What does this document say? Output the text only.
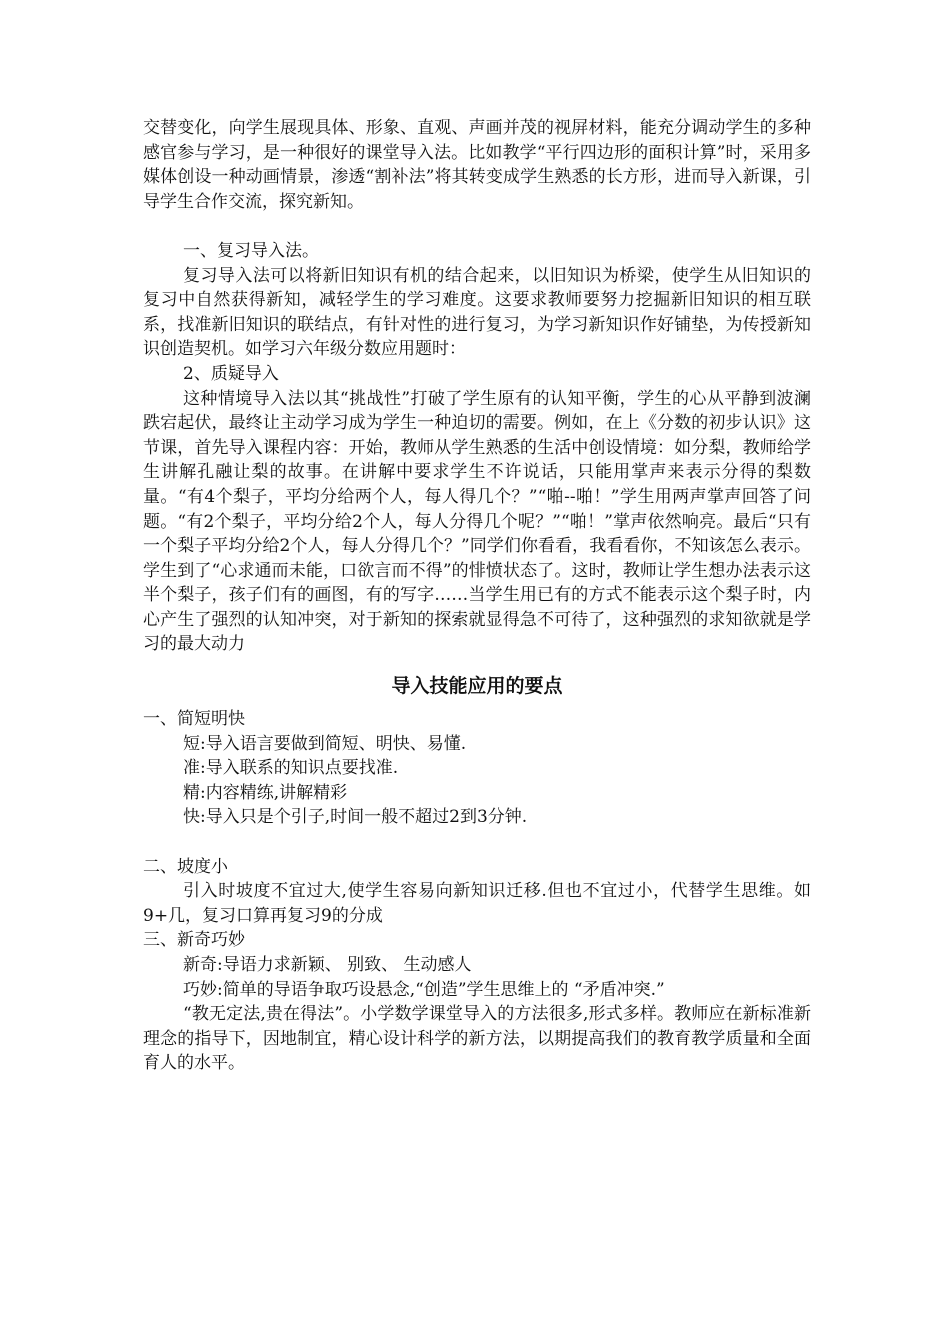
交替变化，向学生展现具体、形象、直观、声画并茂的视屏材料，能充分调动学生的多种感官参与学习，是一种很好的课堂导入法。比如教学“平行四边形的面积计算”时，采用多媒体创设一种动画情景，渗透“割补法”将其转变成学生熟悉的长方形，进而导入新课，引导学生合作交流，探究新知。

一、复习导入法。

复习导入法可以将新旧知识有机的结合起来，以旧知识为桥梁，使学生从旧知识的复习中自然获得新知，减轻学生的学习难度。这要求教师要努力挖掘新旧知识的相互联系，找准新旧知识的联结点，有针对性的进行复习，为学习新知识作好铺垫，为传授新知识创造契机。如学习六年级分数应用题时：

2、质疑导入

这种情境导入法以其“挑战性”打破了学生原有的认知平衡，学生的心从平静到波澜跌宕起伏，最终让主动学习成为学生一种迫切的需要。例如，在上《分数的初步认识》这节课，首先导入课程内容：开始，教师从学生熟悉的生活中创设情境：如分梨，教师给学生讲解孔融让梨的故事。在讲解中要求学生不许说话，只能用掌声来表示分得的梨数量。“有4个梨子，平均分给两个人，每人得几个？”“啪--啪！”学生用两声掌声回答了问题。“有2个梨子，平均分给2个人，每人分得几个呢？”“啪！”掌声依然响亮。最后“只有一个梨子平均分给2个人，每人分得几个？”同学们你看看，我看看你，不知该怎么表示。学生到了“心求通而未能，口欲言而不得”的悱愤状态了。这时，教师让学生想办法表示这半个梨子，孩子们有的画图，有的写字……当学生用已有的方式不能表示这个梨子时，内心产生了强烈的认知冲突，对于新知的探索就显得急不可待了，这种强烈的求知欲就是学习的最大动力

导入技能应用的要点

一、简短明快

短:导入语言要做到简短、明快、易懂.

准:导入联系的知识点要找准.

精:内容精练,讲解精彩

快:导入只是个引子,时间一般不超过2到3分钟.

二、坡度小

引入时坡度不宜过大,使学生容易向新知识迁移.但也不宜过小，代替学生思维。如9+几，复习口算再复习9的分成

三、新奇巧妙

新奇:导语力求新颖、 别致、 生动感人

巧妙:简单的导语争取巧设悬念,“创造”学生思维上的 “矛盾冲突.”

“教无定法,贵在得法”。小学数学课堂导入的方法很多,形式多样。教师应在新标准新理念的指导下，因地制宜，精心设计科学的新方法，以期提高我们的教育教学质量和全面育人的水平。
